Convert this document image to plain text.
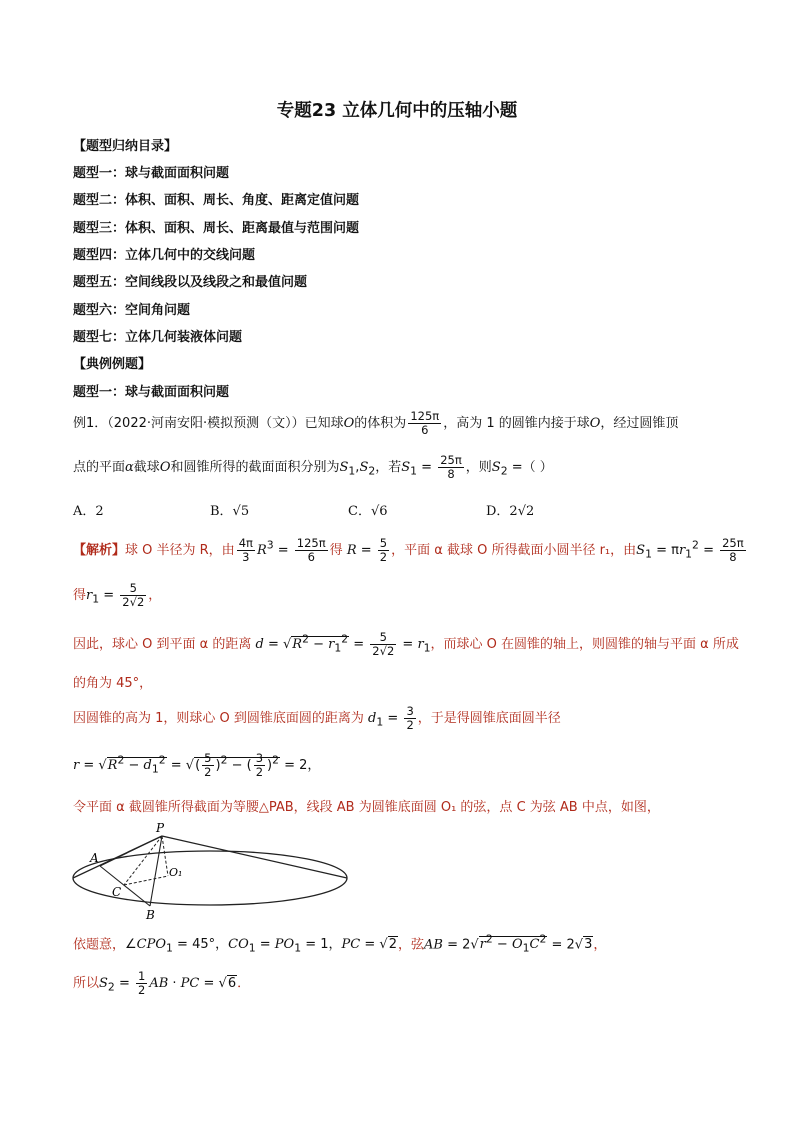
专题23 立体几何中的压轴小题
【题型归纳目录】
题型一：球与截面面积问题
题型二：体积、面积、周长、角度、距离定值问题
题型三：体积、面积、周长、距离最值与范围问题
题型四：立体几何中的交线问题
题型五：空间线段以及线段之和最值问题
题型六：空间角问题
题型七：立体几何装液体问题
【典例例题】
题型一：球与截面面积问题
例1．（2022·河南安阳·模拟预测（文））已知球O的体积为 $\frac{125\pi}{6}$ ，高为 1 的圆锥内接于球O，经过圆锥顶
点的平面α截球O和圆锥所得的截面面积分别为$S_1,S_2$，若$S_1 = \frac{25\pi}{8}$ ，则$S_2$ =（ ）
A．2	B．√5	C．√6	D．2√2
【解析】球 O 半径为 R，由 $\frac{4\pi}{3} R^3 = \frac{125\pi}{6}$ 得 $R = \frac{5}{2}$ ，平面 α 截球 O 所得截面小圆半径 r₁，由$S_1 = \pi r_1^2 = \frac{25\pi}{8}$
得$r_1 = \frac{5}{2√2}$ ，
因此，球心 O 到平面 α 的距离 $d = √R^2 - r_1^2 = \frac{5}{2√2} = r_1$，而球心 O 在圆锥的轴上，则圆锥的轴与平面 α 所成
的角为 45°，
因圆锥的高为 1，则球心 O 到圆锥底面圆的距离为 $d_1 = \frac{3}{2}$ ，于是得圆锥底面圆半径
$r = √R^2 - d_1^2$ = √( $\frac{5}{2} )^2$ − ( $\frac{3}{2} )^2 = 2$，
令平面 α 截圆锥所得截面为等腰△PAB，线段 AB 为圆锥底面圆 O₁ 的弦，点 C 为弦 AB 中点，如图，
P
A
C
O₁
B
依题意，$\angle CPO_1 = 45^\circ$，$CO_1 = PO_1 = 1$，PC = √2，弦AB = $2√r^2 - O_1C^2 = 2√3$，
所以$S_2 = \frac{1}{2}$ AB · PC = √6．
